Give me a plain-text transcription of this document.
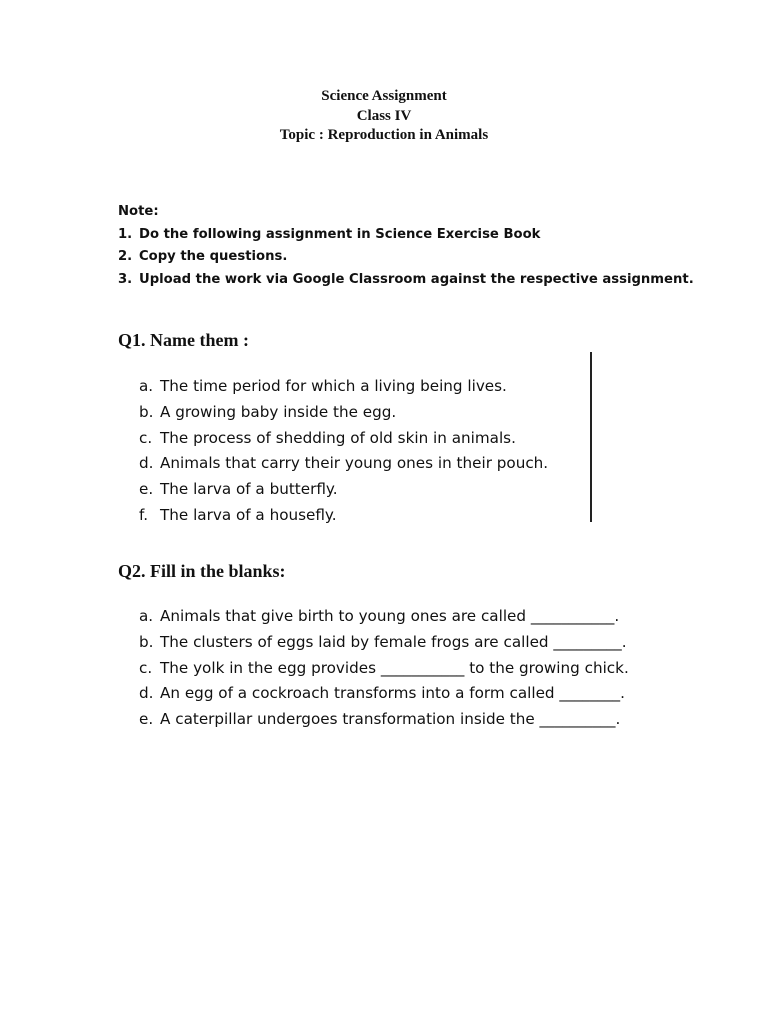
Science Assignment
Class IV
Topic : Reproduction in Animals
Note:
1. Do the following assignment in Science Exercise Book
2. Copy the questions.
3. Upload the work via Google Classroom against the respective assignment.
Q1. Name them :
a. The time period for which a living being lives.
b. A growing baby inside the egg.
c. The process of shedding of old skin in animals.
d. Animals that carry their young ones in their pouch.
e. The larva of a butterfly.
f. The larva of a housefly.
Q2. Fill in the blanks:
a. Animals that give birth to young ones are called ___________.
b. The clusters of eggs laid by female frogs are called _________.
c. The yolk in the egg provides ___________ to the growing chick.
d. An egg of a cockroach transforms into a form called ________.
e. A caterpillar undergoes transformation inside the __________.
